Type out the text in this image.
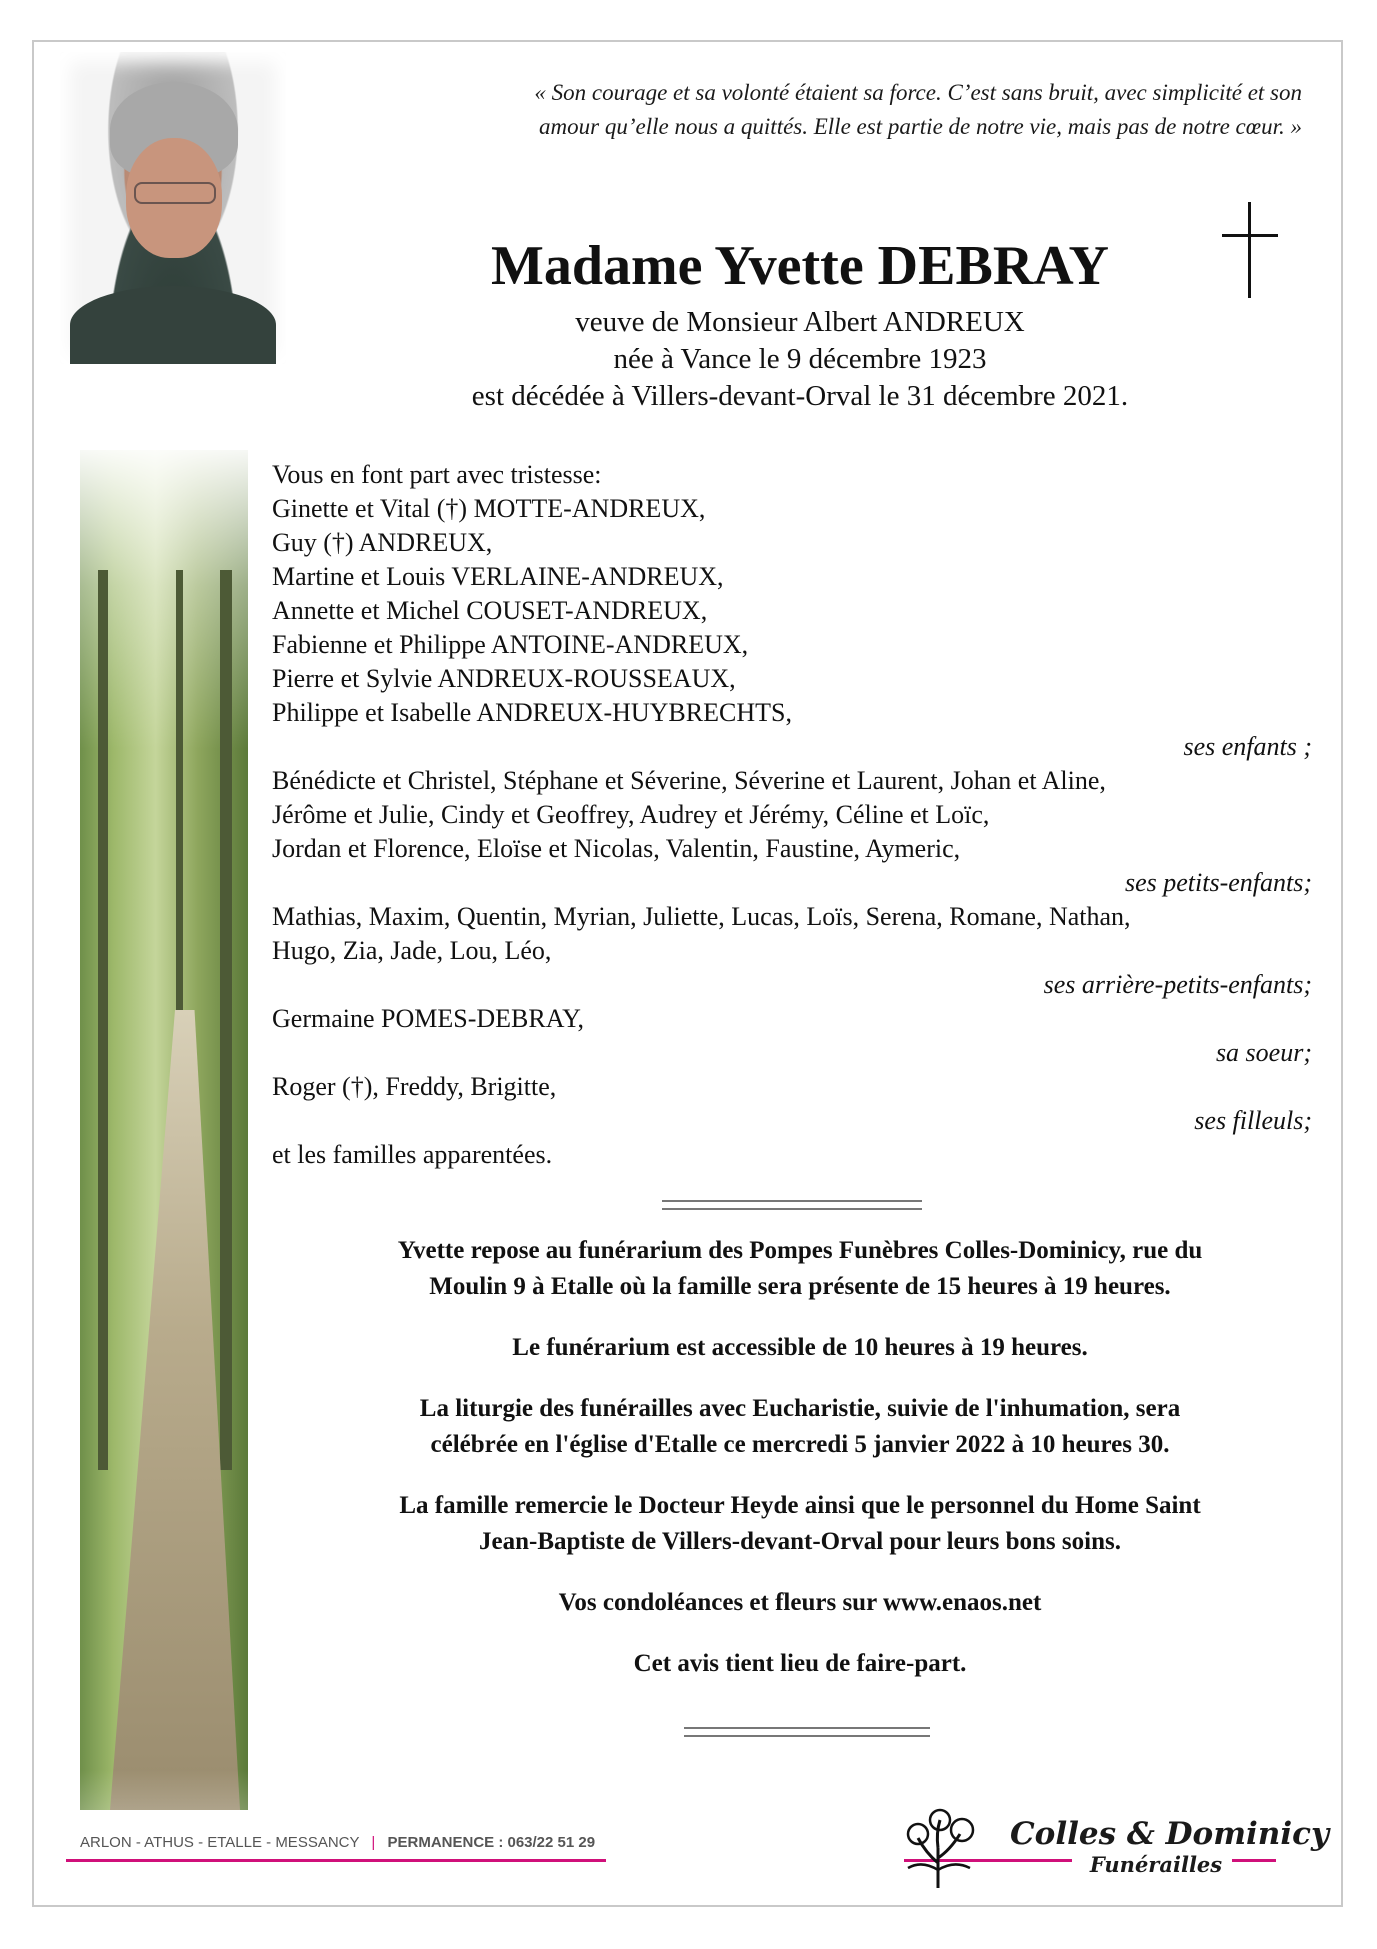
« Son courage et sa volonté étaient sa force. C’est sans bruit, avec simplicité et son
amour qu’elle nous a quittés. Elle est partie de notre vie, mais pas de notre cœur. »
Madame Yvette DEBRAY
veuve de Monsieur Albert ANDREUX
née à Vance le 9 décembre 1923
est décédée à Villers-devant-Orval le 31 décembre 2021.
Vous en font part avec tristesse:
Ginette et Vital (†) MOTTE-ANDREUX,
Guy (†) ANDREUX,
Martine et Louis VERLAINE-ANDREUX,
Annette et Michel COUSET-ANDREUX,
Fabienne et Philippe ANTOINE-ANDREUX,
Pierre et Sylvie ANDREUX-ROUSSEAUX,
Philippe et Isabelle ANDREUX-HUYBRECHTS,
ses enfants ;
Bénédicte et Christel, Stéphane et Séverine, Séverine et Laurent, Johan et Aline,
Jérôme et Julie, Cindy et Geoffrey, Audrey et Jérémy, Céline et Loïc,
Jordan et Florence, Eloïse et Nicolas, Valentin, Faustine, Aymeric,
ses petits-enfants;
Mathias, Maxim, Quentin, Myrian, Juliette, Lucas, Loïs, Serena, Romane, Nathan,
Hugo, Zia, Jade, Lou, Léo,
ses arrière-petits-enfants;
Germaine POMES-DEBRAY,
sa soeur;
Roger (†), Freddy, Brigitte,
ses filleuls;
et les familles apparentées.

Yvette repose au funérarium des Pompes Funèbres Colles-Dominicy, rue du
Moulin 9 à Etalle où la famille sera présente de 15 heures à 19 heures.

Le funérarium est accessible de 10 heures à 19 heures.

La liturgie des funérailles avec Eucharistie, suivie de l'inhumation, sera
célébrée en l'église d'Etalle ce mercredi 5 janvier 2022 à 10 heures 30.

La famille remercie le Docteur Heyde ainsi que le personnel du Home Saint
Jean-Baptiste de Villers-devant-Orval pour leurs bons soins.

Vos condoléances et fleurs sur www.enaos.net

Cet avis tient lieu de faire-part.

ARLON - ATHUS - ETALLE - MESSANCY | PERMANENCE : 063/22 51 29	Colles & Dominicy
Funérailles
